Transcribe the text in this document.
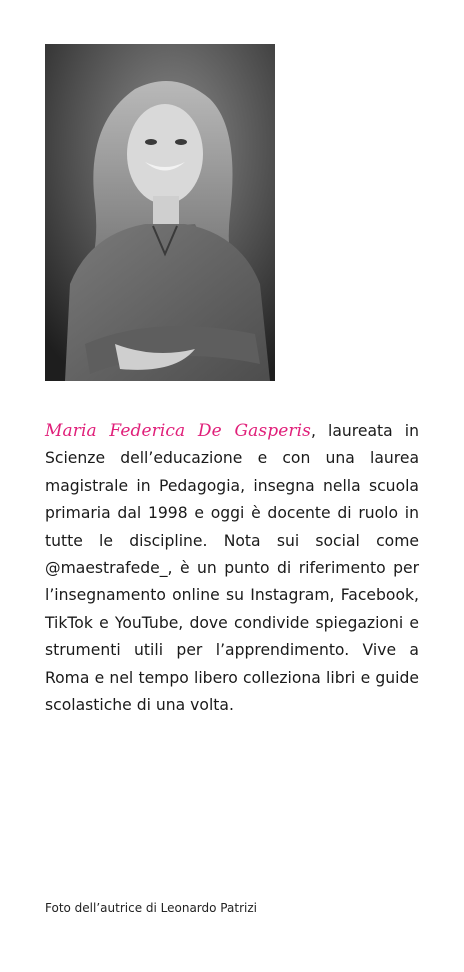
Maria Federica De Gasperis, laureata in Scienze dell’educazione e con una laurea magistrale in Pedagogia, insegna nella scuola primaria dal 1998 e oggi è docente di ruolo in tutte le discipline. Nota sui social come @maestrafede_, è un punto di riferimento per l’insegnamento online su Instagram, Facebook, TikTok e YouTube, dove condivide spiegazioni e strumenti utili per l’apprendimento. Vive a Roma e nel tempo libero colleziona libri e guide scolastiche di una volta.

Foto dell’autrice di Leonardo Patrizi
